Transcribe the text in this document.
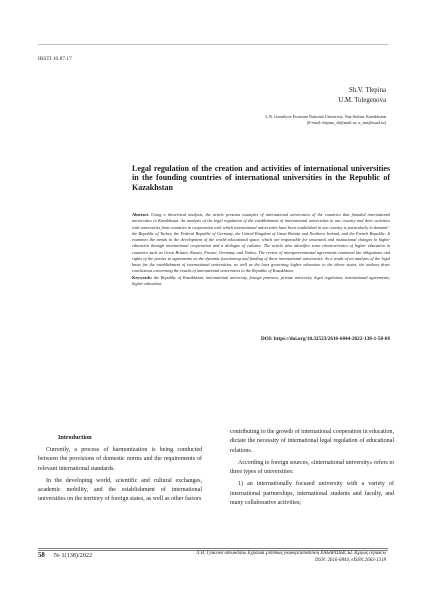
IRSTI 10.87.17
Sh.V. Tlepina
U.M. Tolegenova
L.N. Gumilyov Eurasian National University, Nur-Sultan, Kazakhstan
(E-mail: tlepina_sh@mail.ru, u_tmt@mail.ru)
Legal regulation of the creation and activities of international universities in the founding countries of international universities in the Republic of Kazakhstan

Abstract. Using a theoretical analysis, the article presents examples of international universities of the countries that founded international universities in Kazakhstan. An analysis of the legal regulation of the establishment of international universities in our country and their activities with universities from countries in cooperation with which international universities have been established in our country is particularly in demand - the Republic of Turkey, the Federal Republic of Germany, the United Kingdom of Great Britain and Northern Ireland, and the French Republic. It examines the trends in the development of the world educational space, which are responsible for structural and institutional changes in higher education through international cooperation and a dialogue of cultures. The article also identifies some characteristics of higher education in countries such as Great Britain, Russia, France, Germany and Turkey. The review of intergovernmental agreements examined the obligations and rights of the parties to agreements on the dynamic functioning and funding of these international universities. As a result of an analysis of the legal basis for the establishment of international universities, as well as the laws governing higher education in the above states, the authors draw conclusions concerning the results of international universities in the Republic of Kazakhstan.

Keywords: the Republic of Kazakhstan, international university, foreign partners, private university, legal regulation, international agreements, higher education.

DOI: https://doi.org/10.32523/2616-6844-2022-138-1-58-68
Introduction

Currently, a process of harmonization is being conducted between the provisions of domestic norms and the requirements of relevant international standards.

In the developing world, scientific and cultural exchanges, academic mobility, and the establishment of international universities on the territory of foreign states, as well as other factors

contributing to the growth of international cooperation in education, dictate the necessity of international legal regulation of educational relations.

According to foreign sources, «international university» refers to three types of universities:

1) an internationally focused university with a variety of international partnerships, international students and faculty, and many collaborative activities;

58 № 1(138)/2022	Л.Н. Гумилев атындағы Еуразия ұлттық университетінің ХАБАРШЫСЫ. Құқық сериясы
ISSN: 2616-6844, eISSN:2663-1318
